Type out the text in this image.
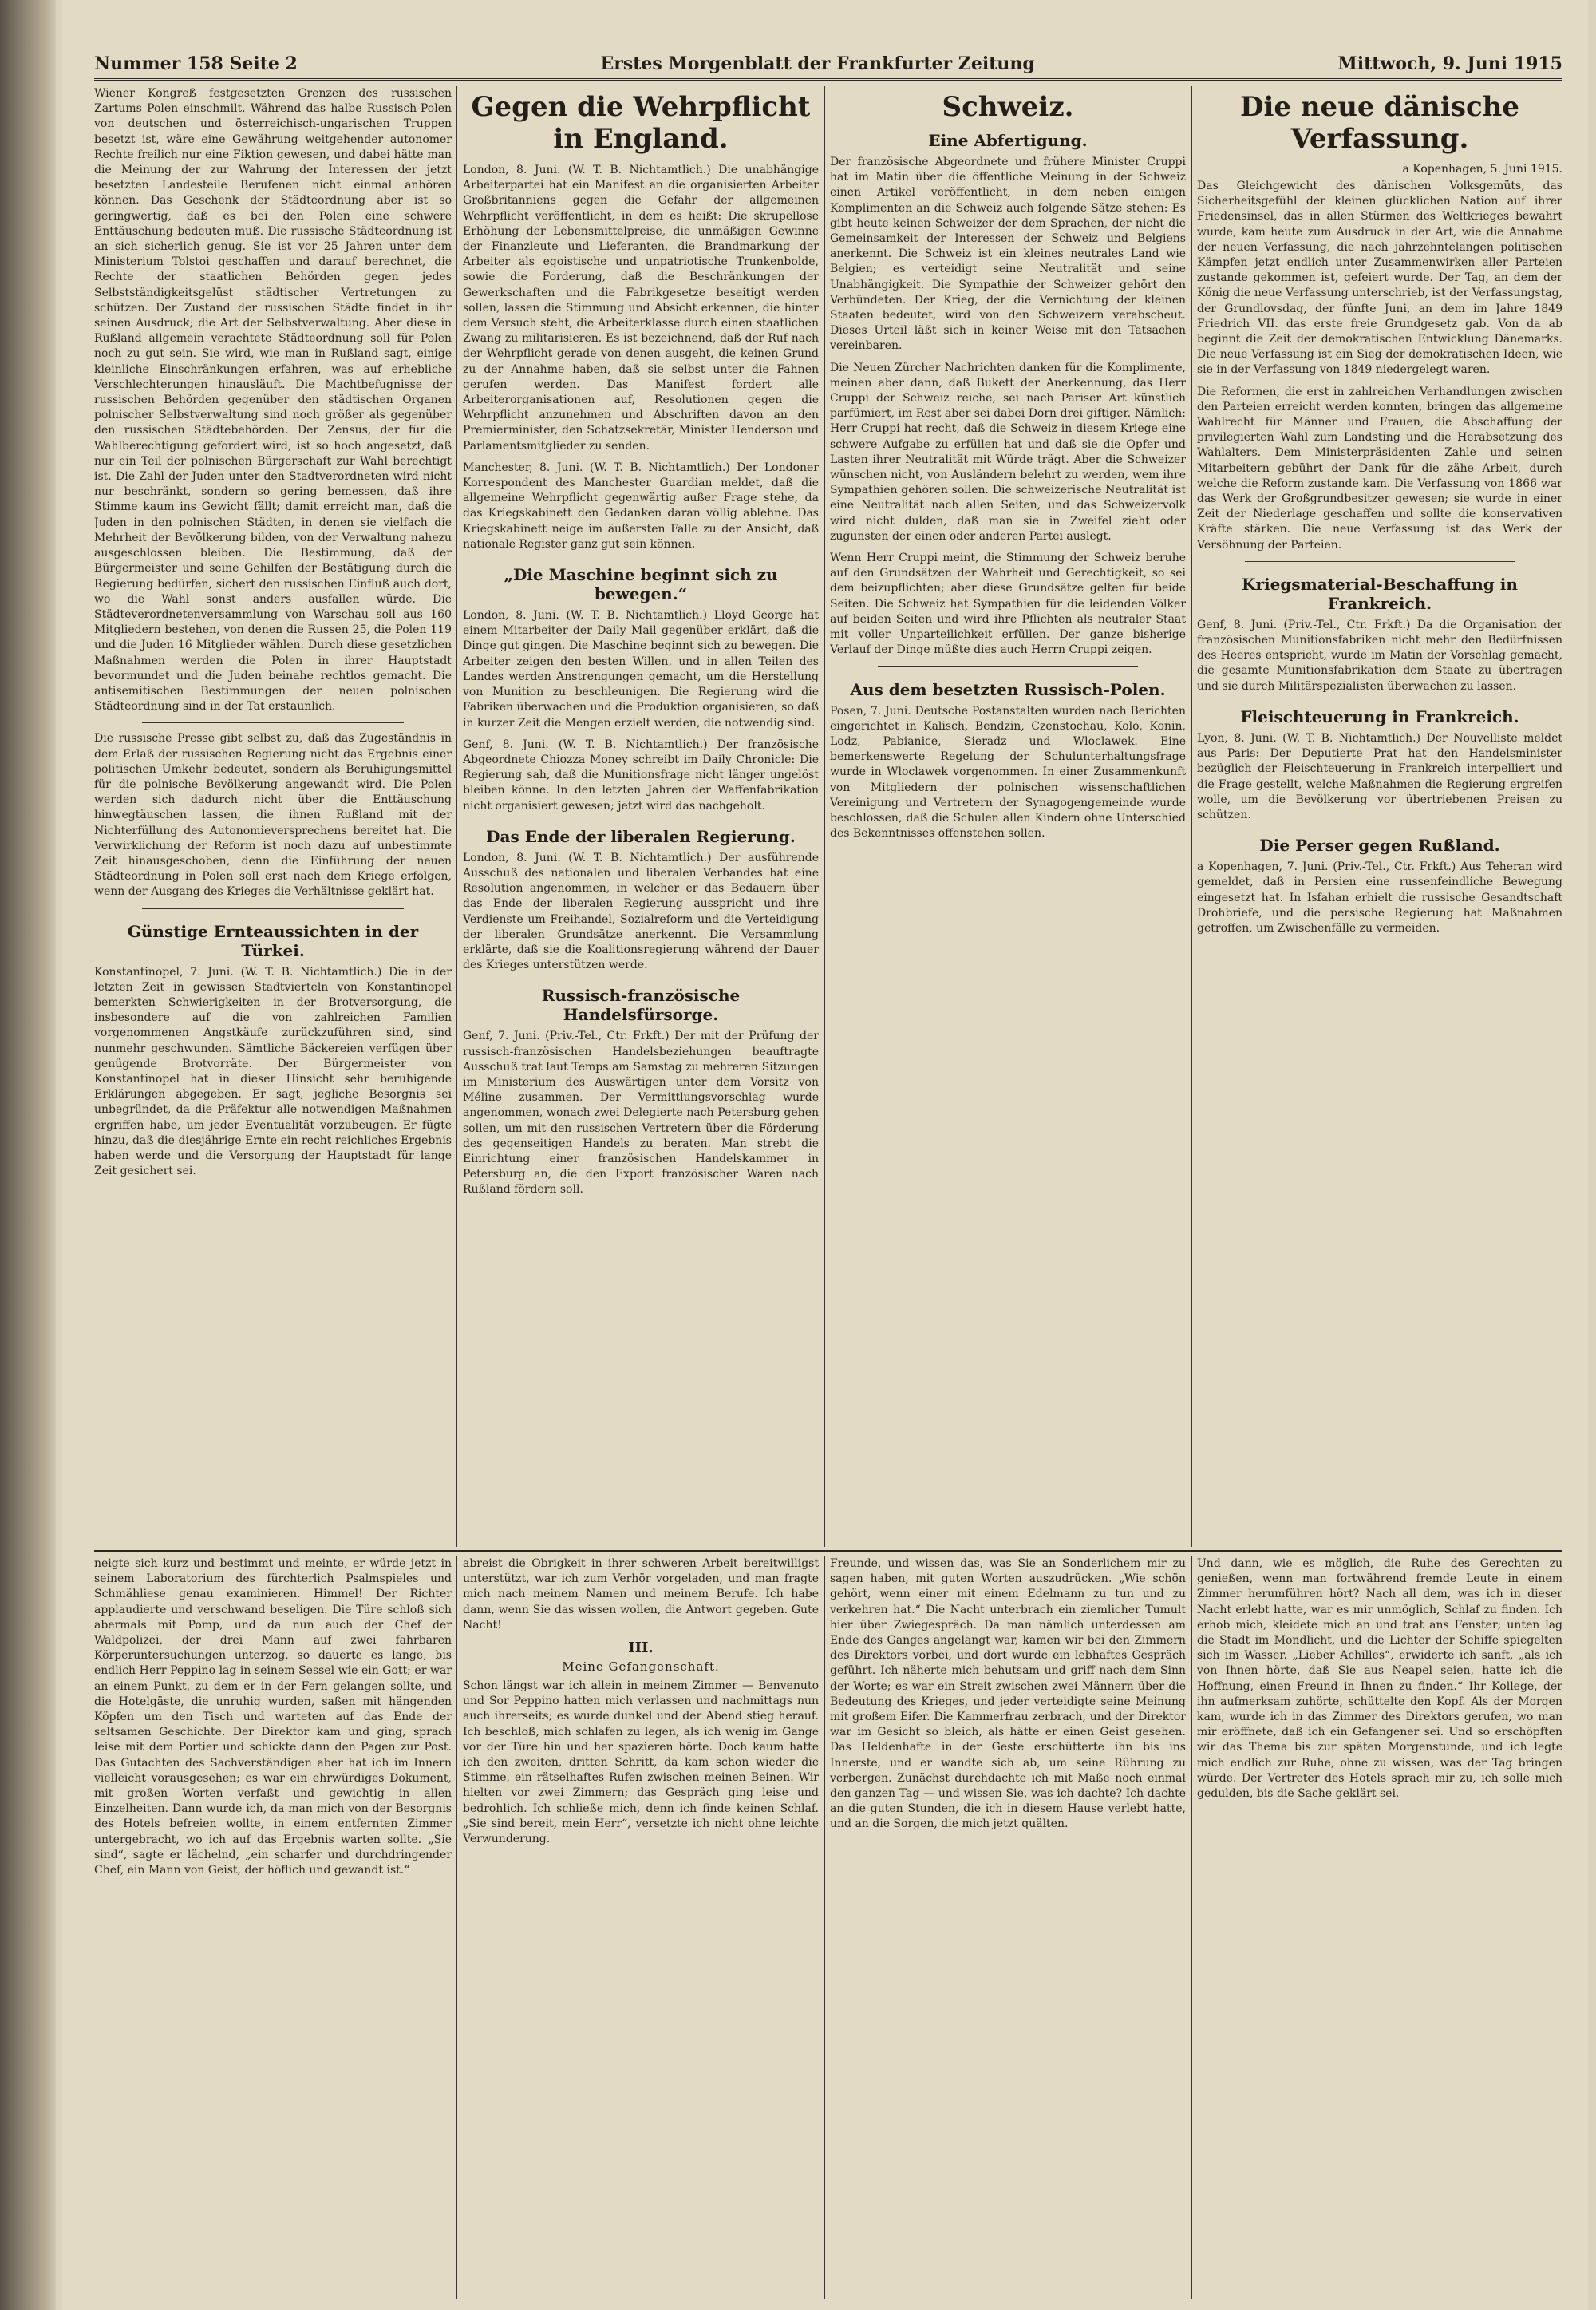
Nummer 158 Seite 2	Erstes Morgenblatt der Frankfurter Zeitung	Mittwoch, 9. Juni 1915

Wiener Kongreß festgesetzten Grenzen des russischen Zartums Polen einschmilt. Während das halbe Russisch-Polen von deutschen und österreichisch-ungarischen Truppen besetzt ist, wäre eine Gewährung weitgehender autonomer Rechte freilich nur eine Fiktion gewesen, und dabei hätte man die Meinung der zur Wahrung der Interessen der jetzt besetzten Landesteile Berufenen nicht einmal anhören können. Das Geschenk der Städteordnung aber ist so geringwertig, daß es bei den Polen eine schwere Enttäuschung bedeuten muß. Die russische Städteordnung ist an sich sicherlich genug. Sie ist vor 25 Jahren unter dem Ministerium Tolstoi geschaffen und darauf berechnet, die Rechte der staatlichen Behörden gegen jedes Selbstständigkeitsgelüst städtischer Vertretungen zu schützen. Der Zustand der russischen Städte findet in ihr seinen Ausdruck; die Art der Selbstverwaltung. Aber diese in Rußland allgemein verachtete Städteordnung soll für Polen noch zu gut sein. Sie wird, wie man in Rußland sagt, einige kleinliche Einschränkungen erfahren, was auf erhebliche Verschlechterungen hinausläuft. Die Machtbefugnisse der russischen Behörden gegenüber den städtischen Organen polnischer Selbstverwaltung sind noch größer als gegenüber den russischen Städtebehörden. Der Zensus, der für die Wahlberechtigung gefordert wird, ist so hoch angesetzt, daß nur ein Teil der polnischen Bürgerschaft zur Wahl berechtigt ist. Die Zahl der Juden unter den Stadtverordneten wird nicht nur beschränkt, sondern so gering bemessen, daß ihre Stimme kaum ins Gewicht fällt; damit erreicht man, daß die Juden in den polnischen Städten, in denen sie vielfach die Mehrheit der Bevölkerung bilden, von der Verwaltung nahezu ausgeschlossen bleiben. Die Bestimmung, daß der Bürgermeister und seine Gehilfen der Bestätigung durch die Regierung bedürfen, sichert den russischen Einfluß auch dort, wo die Wahl sonst anders ausfallen würde. Die Städteverordnetenversammlung von Warschau soll aus 160 Mitgliedern bestehen, von denen die Russen 25, die Polen 119 und die Juden 16 Mitglieder wählen. Durch diese gesetzlichen Maßnahmen werden die Polen in ihrer Hauptstadt bevormundet und die Juden beinahe rechtlos gemacht. Die antisemitischen Bestimmungen der neuen polnischen Städteordnung sind in der Tat erstaunlich.

Die russische Presse gibt selbst zu, daß das Zugeständnis in dem Erlaß der russischen Regierung nicht das Ergebnis einer politischen Umkehr bedeutet, sondern als Beruhigungsmittel für die polnische Bevölkerung angewandt wird. Die Polen werden sich dadurch nicht über die Enttäuschung hinwegtäuschen lassen, die ihnen Rußland mit der Nichterfüllung des Autonomieversprechens bereitet hat. Die Verwirklichung der Reform ist noch dazu auf unbestimmte Zeit hinausgeschoben, denn die Einführung der neuen Städteordnung in Polen soll erst nach dem Kriege erfolgen, wenn der Ausgang des Krieges die Verhältnisse geklärt hat.

Günstige Ernteaussichten in der Türkei.

Konstantinopel, 7. Juni. (W. T. B. Nichtamtlich.) Die in der letzten Zeit in gewissen Stadtvierteln von Konstantinopel bemerkten Schwierigkeiten in der Brotversorgung, die insbesondere auf die von zahlreichen Familien vorgenommenen Angstkäufe zurückzuführen sind, sind nunmehr geschwunden. Sämtliche Bäckereien verfügen über genügende Brotvorräte. Der Bürgermeister von Konstantinopel hat in dieser Hinsicht sehr beruhigende Erklärungen abgegeben. Er sagt, jegliche Besorgnis sei unbegründet, da die Präfektur alle notwendigen Maßnahmen ergriffen habe, um jeder Eventualität vorzubeugen. Er fügte hinzu, daß die diesjährige Ernte ein recht reichliches Ergebnis haben werde und die Versorgung der Hauptstadt für lange Zeit gesichert sei.

Gegen die Wehrpflicht in England.

London, 8. Juni. (W. T. B. Nichtamtlich.) Die unabhängige Arbeiterpartei hat ein Manifest an die organisierten Arbeiter Großbritanniens gegen die Gefahr der allgemeinen Wehrpflicht veröffentlicht, in dem es heißt: Die skrupellose Erhöhung der Lebensmittelpreise, die unmäßigen Gewinne der Finanzleute und Lieferanten, die Brandmarkung der Arbeiter als egoistische und unpatriotische Trunkenbolde, sowie die Forderung, daß die Beschränkungen der Gewerkschaften und die Fabrikgesetze beseitigt werden sollen, lassen die Stimmung und Absicht erkennen, die hinter dem Versuch steht, die Arbeiterklasse durch einen staatlichen Zwang zu militarisieren. Es ist bezeichnend, daß der Ruf nach der Wehrpflicht gerade von denen ausgeht, die keinen Grund zu der Annahme haben, daß sie selbst unter die Fahnen gerufen werden. Das Manifest fordert alle Arbeiterorganisationen auf, Resolutionen gegen die Wehrpflicht anzunehmen und Abschriften davon an den Premierminister, den Schatzsekretär, Minister Henderson und Parlamentsmitglieder zu senden.

Manchester, 8. Juni. (W. T. B. Nichtamtlich.) Der Londoner Korrespondent des Manchester Guardian meldet, daß die allgemeine Wehrpflicht gegenwärtig außer Frage stehe, da das Kriegskabinett den Gedanken daran völlig ablehne. Das Kriegskabinett neige im äußersten Falle zu der Ansicht, daß nationale Register ganz gut sein können.

„Die Maschine beginnt sich zu bewegen.“

London, 8. Juni. (W. T. B. Nichtamtlich.) Lloyd George hat einem Mitarbeiter der Daily Mail gegenüber erklärt, daß die Dinge gut gingen. Die Maschine beginnt sich zu bewegen. Die Arbeiter zeigen den besten Willen, und in allen Teilen des Landes werden Anstrengungen gemacht, um die Herstellung von Munition zu beschleunigen. Die Regierung wird die Fabriken überwachen und die Produktion organisieren, so daß in kurzer Zeit die Mengen erzielt werden, die notwendig sind.

Genf, 8. Juni. (W. T. B. Nichtamtlich.) Der französische Abgeordnete Chiozza Money schreibt im Daily Chronicle: Die Regierung sah, daß die Munitionsfrage nicht länger ungelöst bleiben könne. In den letzten Jahren der Waffenfabrikation nicht organisiert gewesen; jetzt wird das nachgeholt.

Das Ende der liberalen Regierung.

London, 8. Juni. (W. T. B. Nichtamtlich.) Der ausführende Ausschuß des nationalen und liberalen Verbandes hat eine Resolution angenommen, in welcher er das Bedauern über das Ende der liberalen Regierung ausspricht und ihre Verdienste um Freihandel, Sozialreform und die Verteidigung der liberalen Grundsätze anerkennt. Die Versammlung erklärte, daß sie die Koalitionsregierung während der Dauer des Krieges unterstützen werde.

Russisch-französische Handelsfürsorge.

Genf, 7. Juni. (Priv.-Tel., Ctr. Frkft.) Der mit der Prüfung der russisch-französischen Handelsbeziehungen beauftragte Ausschuß trat laut Temps am Samstag zu mehreren Sitzungen im Ministerium des Auswärtigen unter dem Vorsitz von Méline zusammen. Der Vermittlungsvorschlag wurde angenommen, wonach zwei Delegierte nach Petersburg gehen sollen, um mit den russischen Vertretern über die Förderung des gegenseitigen Handels zu beraten. Man strebt die Einrichtung einer französischen Handelskammer in Petersburg an, die den Export französischer Waren nach Rußland fördern soll.

Schweiz.
Eine Abfertigung.

Der französische Abgeordnete und frühere Minister Cruppi hat im Matin über die öffentliche Meinung in der Schweiz einen Artikel veröffentlicht, in dem neben einigen Komplimenten an die Schweiz auch folgende Sätze stehen: Es gibt heute keinen Schweizer der dem Sprachen, der nicht die Gemeinsamkeit der Interessen der Schweiz und Belgiens anerkennt. Die Schweiz ist ein kleines neutrales Land wie Belgien; es verteidigt seine Neutralität und seine Unabhängigkeit. Die Sympathie der Schweizer gehört den Verbündeten. Der Krieg, der die Vernichtung der kleinen Staaten bedeutet, wird von den Schweizern verabscheut. Dieses Urteil läßt sich in keiner Weise mit den Tatsachen vereinbaren.

Die Neuen Zürcher Nachrichten danken für die Komplimente, meinen aber dann, daß Bukett der Anerkennung, das Herr Cruppi der Schweiz reiche, sei nach Pariser Art künstlich parfümiert, im Rest aber sei dabei Dorn drei giftiger. Nämlich: Herr Cruppi hat recht, daß die Schweiz in diesem Kriege eine schwere Aufgabe zu erfüllen hat und daß sie die Opfer und Lasten ihrer Neutralität mit Würde trägt. Aber die Schweizer wünschen nicht, von Ausländern belehrt zu werden, wem ihre Sympathien gehören sollen. Die schweizerische Neutralität ist eine Neutralität nach allen Seiten, und das Schweizervolk wird nicht dulden, daß man sie in Zweifel zieht oder zugunsten der einen oder anderen Partei auslegt.

Wenn Herr Cruppi meint, die Stimmung der Schweiz beruhe auf den Grundsätzen der Wahrheit und Gerechtigkeit, so sei dem beizupflichten; aber diese Grundsätze gelten für beide Seiten. Die Schweiz hat Sympathien für die leidenden Völker auf beiden Seiten und wird ihre Pflichten als neutraler Staat mit voller Unparteilichkeit erfüllen. Der ganze bisherige Verlauf der Dinge müßte dies auch Herrn Cruppi zeigen.

Aus dem besetzten Russisch-Polen.

Posen, 7. Juni. Deutsche Postanstalten wurden nach Berichten eingerichtet in Kalisch, Bendzin, Czenstochau, Kolo, Konin, Lodz, Pabianice, Sieradz und Wloclawek. Eine bemerkenswerte Regelung der Schulunterhaltungsfrage wurde in Wloclawek vorgenommen. In einer Zusammenkunft von Mitgliedern der polnischen wissenschaftlichen Vereinigung und Vertretern der Synagogengemeinde wurde beschlossen, daß die Schulen allen Kindern ohne Unterschied des Bekenntnisses offenstehen sollen.

Die neue dänische Verfassung.
a Kopenhagen, 5. Juni 1915.

Das Gleichgewicht des dänischen Volksgemüts, das Sicherheitsgefühl der kleinen glücklichen Nation auf ihrer Friedensinsel, das in allen Stürmen des Weltkrieges bewahrt wurde, kam heute zum Ausdruck in der Art, wie die Annahme der neuen Verfassung, die nach jahrzehntelangen politischen Kämpfen jetzt endlich unter Zusammenwirken aller Parteien zustande gekommen ist, gefeiert wurde. Der Tag, an dem der König die neue Verfassung unterschrieb, ist der Verfassungstag, der Grundlovsdag, der fünfte Juni, an dem im Jahre 1849 Friedrich VII. das erste freie Grundgesetz gab. Von da ab beginnt die Zeit der demokratischen Entwicklung Dänemarks. Die neue Verfassung ist ein Sieg der demokratischen Ideen, wie sie in der Verfassung von 1849 niedergelegt waren.

Die Reformen, die erst in zahlreichen Verhandlungen zwischen den Parteien erreicht werden konnten, bringen das allgemeine Wahlrecht für Männer und Frauen, die Abschaffung der privilegierten Wahl zum Landsting und die Herabsetzung des Wahlalters. Dem Ministerpräsidenten Zahle und seinen Mitarbeitern gebührt der Dank für die zähe Arbeit, durch welche die Reform zustande kam. Die Verfassung von 1866 war das Werk der Großgrundbesitzer gewesen; sie wurde in einer Zeit der Niederlage geschaffen und sollte die konservativen Kräfte stärken. Die neue Verfassung ist das Werk der Versöhnung der Parteien.

Kriegsmaterial-Beschaffung in Frankreich.

Genf, 8. Juni. (Priv.-Tel., Ctr. Frkft.) Da die Organisation der französischen Munitionsfabriken nicht mehr den Bedürfnissen des Heeres entspricht, wurde im Matin der Vorschlag gemacht, die gesamte Munitionsfabrikation dem Staate zu übertragen und sie durch Militärspezialisten überwachen zu lassen.

Fleischteuerung in Frankreich.

Lyon, 8. Juni. (W. T. B. Nichtamtlich.) Der Nouvelliste meldet aus Paris: Der Deputierte Prat hat den Handelsminister bezüglich der Fleischteuerung in Frankreich interpelliert und die Frage gestellt, welche Maßnahmen die Regierung ergreifen wolle, um die Bevölkerung vor übertriebenen Preisen zu schützen.

Die Perser gegen Rußland.

a Kopenhagen, 7. Juni. (Priv.-Tel., Ctr. Frkft.) Aus Teheran wird gemeldet, daß in Persien eine russenfeindliche Bewegung eingesetzt hat. In Isfahan erhielt die russische Gesandtschaft Drohbriefe, und die persische Regierung hat Maßnahmen getroffen, um Zwischenfälle zu vermeiden.

neigte sich kurz und bestimmt und meinte, er würde jetzt in seinem Laboratorium des fürchterlich Psalmspieles und Schmähliese genau examinieren. Himmel! Der Richter applaudierte und verschwand beseligen. Die Türe schloß sich abermals mit Pomp, und da nun auch der Chef der Waldpolizei, der drei Mann auf zwei fahrbaren Körperuntersuchungen unterzog, so dauerte es lange, bis endlich Herr Peppino lag in seinem Sessel wie ein Gott; er war an einem Punkt, zu dem er in der Fern gelangen sollte, und die Hotelgäste, die unruhig wurden, saßen mit hängenden Köpfen um den Tisch und warteten auf das Ende der seltsamen Geschichte. Der Direktor kam und ging, sprach leise mit dem Portier und schickte dann den Pagen zur Post. Das Gutachten des Sachverständigen aber hat ich im Innern vielleicht vorausgesehen; es war ein ehrwürdiges Dokument, mit großen Worten verfaßt und gewichtig in allen Einzelheiten. Dann wurde ich, da man mich von der Besorgnis des Hotels befreien wollte, in einem entfernten Zimmer untergebracht, wo ich auf das Ergebnis warten sollte. „Sie sind“, sagte er lächelnd, „ein scharfer und durchdringender Chef, ein Mann von Geist, der höflich und gewandt ist.“

abreist die Obrigkeit in ihrer schweren Arbeit bereitwilligst unterstützt, war ich zum Verhör vorgeladen, und man fragte mich nach meinem Namen und meinem Berufe. Ich habe dann, wenn Sie das wissen wollen, die Antwort gegeben. Gute Nacht!

III.
Meine Gefangenschaft.

Schon längst war ich allein in meinem Zimmer — Benvenuto und Sor Peppino hatten mich verlassen und nachmittags nun auch ihrerseits; es wurde dunkel und der Abend stieg herauf. Ich beschloß, mich schlafen zu legen, als ich wenig im Gange vor der Türe hin und her spazieren hörte. Doch kaum hatte ich den zweiten, dritten Schritt, da kam schon wieder die Stimme, ein rätselhaftes Rufen zwischen meinen Beinen. Wir hielten vor zwei Zimmern; das Gespräch ging leise und bedrohlich. Ich schließe mich, denn ich finde keinen Schlaf. „Sie sind bereit, mein Herr“, versetzte ich nicht ohne leichte Verwunderung.

Freunde, und wissen das, was Sie an Sonderlichem mir zu sagen haben, mit guten Worten auszudrücken. „Wie schön gehört, wenn einer mit einem Edelmann zu tun und zu verkehren hat.“ Die Nacht unterbrach ein ziemlicher Tumult hier über Zwiegespräch. Da man nämlich unterdessen am Ende des Ganges angelangt war, kamen wir bei den Zimmern des Direktors vorbei, und dort wurde ein lebhaftes Gespräch geführt. Ich näherte mich behutsam und griff nach dem Sinn der Worte; es war ein Streit zwischen zwei Männern über die Bedeutung des Krieges, und jeder verteidigte seine Meinung mit großem Eifer. Die Kammerfrau zerbrach, und der Direktor war im Gesicht so bleich, als hätte er einen Geist gesehen. Das Heldenhafte in der Geste erschütterte ihn bis ins Innerste, und er wandte sich ab, um seine Rührung zu verbergen. Zunächst durchdachte ich mit Maße noch einmal den ganzen Tag — und wissen Sie, was ich dachte? Ich dachte an die guten Stunden, die ich in diesem Hause verlebt hatte, und an die Sorgen, die mich jetzt quälten.

Und dann, wie es möglich, die Ruhe des Gerechten zu genießen, wenn man fortwährend fremde Leute in einem Zimmer herumführen hört? Nach all dem, was ich in dieser Nacht erlebt hatte, war es mir unmöglich, Schlaf zu finden. Ich erhob mich, kleidete mich an und trat ans Fenster; unten lag die Stadt im Mondlicht, und die Lichter der Schiffe spiegelten sich im Wasser. „Lieber Achilles“, erwiderte ich sanft, „als ich von Ihnen hörte, daß Sie aus Neapel seien, hatte ich die Hoffnung, einen Freund in Ihnen zu finden.“ Ihr Kollege, der ihn aufmerksam zuhörte, schüttelte den Kopf. Als der Morgen kam, wurde ich in das Zimmer des Direktors gerufen, wo man mir eröffnete, daß ich ein Gefangener sei. Und so erschöpften wir das Thema bis zur späten Morgenstunde, und ich legte mich endlich zur Ruhe, ohne zu wissen, was der Tag bringen würde. Der Vertreter des Hotels sprach mir zu, ich solle mich gedulden, bis die Sache geklärt sei.
